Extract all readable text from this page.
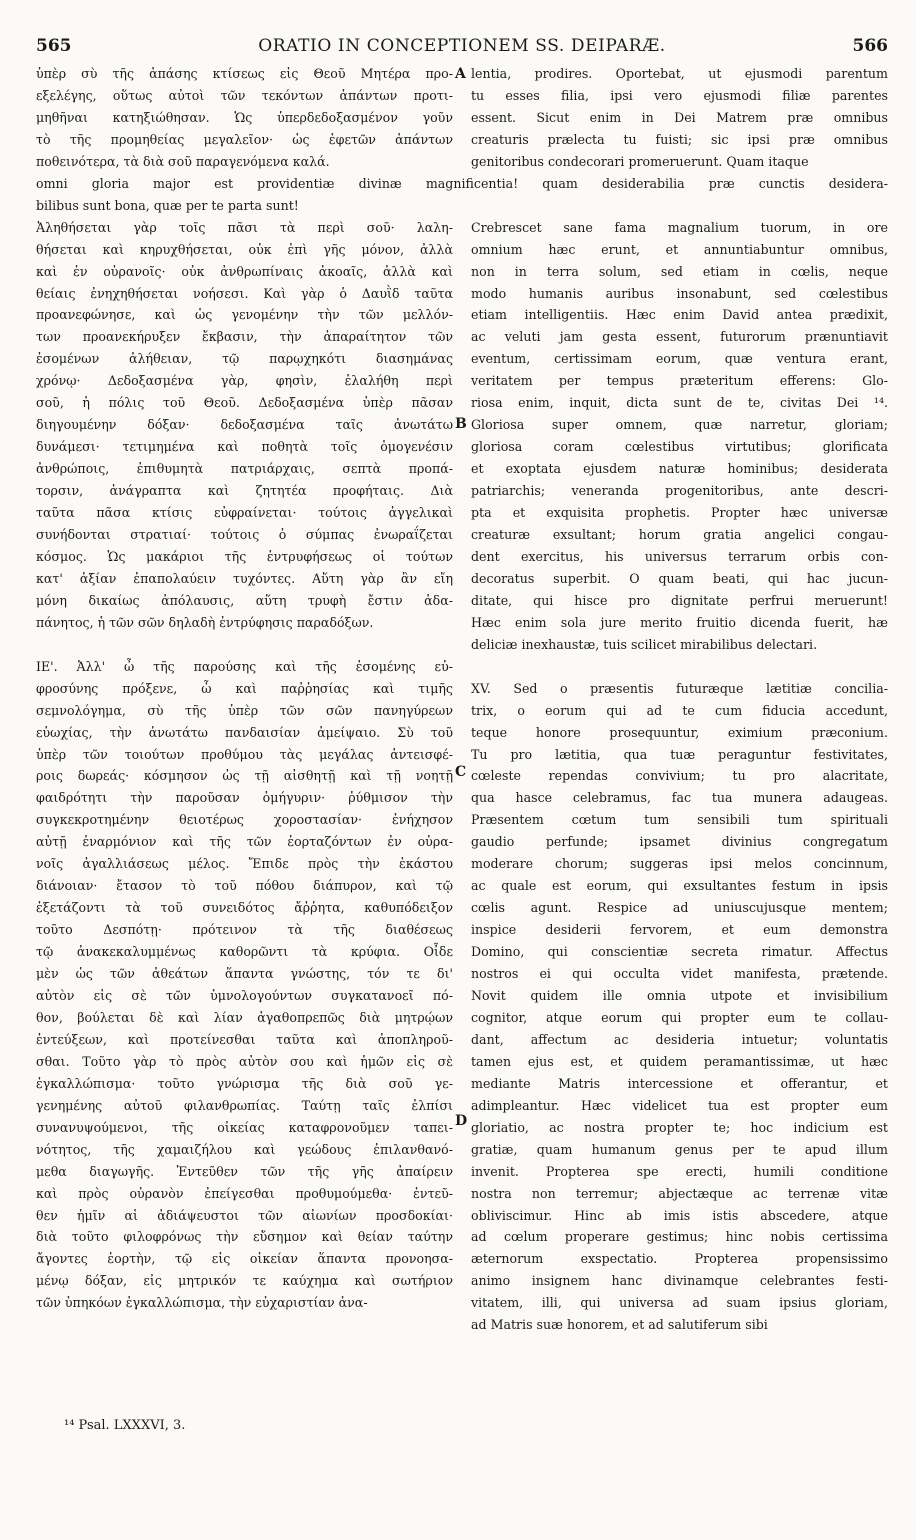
565	ORATIO IN CONCEPTIONEM SS. DEIPARÆ.	566
ὑπὲρ σὺ τῆς ἁπάσης κτίσεως εἰς Θεοῦ Μητέρα προ-
εξελέγης, οὕτως αὐτοὶ τῶν τεκόντων ἁπάντων προτι-
μηθῆναι κατηξιώθησαν. Ὡς ὑπερδεδοξασμένον γοῦν
τὸ τῆς προμηθείας μεγαλεῖον· ὡς ἐφετῶν ἁπάντων
ποθεινότερα, τὰ διὰ σοῦ παραγενόμενα καλά.
Ἀληθήσεται γὰρ τοῖς πᾶσι τὰ περὶ σοῦ· λαλη-
θήσεται καὶ κηρυχθήσεται, οὐκ ἐπὶ γῆς μόνον, ἀλλὰ
καὶ ἐν οὐρανοῖς· οὐκ ἀνθρωπίναις ἀκοαῖς, ἀλλὰ καὶ
θείαις ἐνηχηθήσεται νοήσεσι. Καὶ γὰρ ὁ Δαυῒδ ταῦτα
προανεφώνησε, καὶ ὡς γενομένην τὴν τῶν μελλόν-
των προανεκήρυξεν ἔκβασιν, τὴν ἀπαραίτητον τῶν
ἐσομένων ἀλήθειαν, τῷ παρῳχηκότι διασημάνας
χρόνῳ· Δεδοξασμένα γὰρ, φησὶν, ἐλαλήθη περὶ
σοῦ, ἡ πόλις τοῦ Θεοῦ. Δεδοξασμένα ὑπὲρ πᾶσαν
διηγουμένην δόξαν· δεδοξασμένα ταῖς ἀνωτάτω
δυνάμεσι· τετιμημένα καὶ ποθητὰ τοῖς ὁμογενέσιν
ἀνθρώποις, ἐπιθυμητὰ πατριάρχαις, σεπτὰ προπά-
τορσιν, ἀνάγραπτα καὶ ζητητέα προφήταις. Διὰ
ταῦτα πᾶσα κτίσις εὐφραίνεται· τούτοις ἀγγελικαὶ
συνήδονται στρατιαί· τούτοις ὁ σύμπας ἐνωραΐζεται
κόσμος. Ὡς μακάριοι τῆς ἐντρυφήσεως οἱ τούτων
κατ' ἀξίαν ἐπαπολαύειν τυχόντες. Αὕτη γὰρ ἂν εἴη
μόνη δικαίως ἀπόλαυσις, αὕτη τρυφὴ ἔστιν ἀδα-
πάνητος, ἡ τῶν σῶν δηλαδὴ ἐντρύφησις παραδόξων.
ΙΕ'. Ἀλλ' ὦ τῆς παρούσης καὶ τῆς ἐσομένης εὐ-
φροσύνης πρόξενε, ὦ καὶ παῤῥησίας καὶ τιμῆς
σεμνολόγημα, σὺ τῆς ὑπὲρ τῶν σῶν πανηγύρεων
εὐωχίας, τὴν ἀνωτάτω πανδαισίαν ἀμείψαιο. Σὺ τοῦ
ὑπὲρ τῶν τοιούτων προθύμου τὰς μεγάλας ἀντεισφέ-
ροις δωρεάς· κόσμησον ὡς τῇ αἰσθητῇ καὶ τῇ νοητῇ
φαιδρότητι τὴν παροῦσαν ὁμήγυριν· ῥύθμισον τὴν
συγκεκροτημένην θειοτέρως χοροστασίαν· ἐνήχησον
αὐτῇ ἐναρμόνιον καὶ τῆς τῶν ἑορταζόντων ἐν οὐρα-
νοῖς ἀγαλλιάσεως μέλος. Ἔπιδε πρὸς τὴν ἑκάστου
διάνοιαν· ἔτασον τὸ τοῦ πόθου διάπυρον, καὶ τῷ
ἐξετάζοντι τὰ τοῦ συνειδότος ἄῤῥητα, καθυπόδειξον
τοῦτο Δεσπότῃ· πρότεινον τὰ τῆς διαθέσεως
τῷ ἀνακεκαλυμμένως καθορῶντι τὰ κρύφια. Οἶδε
μὲν ὡς τῶν ἀθεάτων ἅπαντα γνώστης, τόν τε δι'
αὐτὸν εἰς σὲ τῶν ὑμνολογούντων συγκατανοεῖ πό-
θον, βούλεται δὲ καὶ λίαν ἀγαθοπρεπῶς διὰ μητρῴων
ἐντεύξεων, καὶ προτείνεσθαι ταῦτα καὶ ἀποπληροῦ-
σθαι. Τοῦτο γὰρ τὸ πρὸς αὐτὸν σου καὶ ἡμῶν εἰς σὲ
ἐγκαλλώπισμα· τοῦτο γνώρισμα τῆς διὰ σοῦ γε-
γενημένης αὐτοῦ φιλανθρωπίας. Ταύτῃ ταῖς ἐλπίσι
συνανυψούμενοι, τῆς οἰκείας καταφρονοῦμεν ταπει-
νότητος, τῆς χαμαιζήλου καὶ γεώδους ἐπιλανθανό-
μεθα διαγωγῆς. Ἐντεῦθεν τῶν τῆς γῆς ἀπαίρειν
καὶ πρὸς οὐρανὸν ἐπείγεσθαι προθυμούμεθα· ἐντεῦ-
θεν ἡμῖν αἱ ἀδιάψευστοι τῶν αἰωνίων προσδοκίαι·
διὰ τοῦτο φιλοφρόνως τὴν εὔσημον καὶ θείαν ταύτην
ἄγοντες ἑορτὴν, τῷ εἰς οἰκείαν ἅπαντα προνοησα-
μένῳ δόξαν, εἰς μητρικόν τε καύχημα καὶ σωτήριον
τῶν ὑπηκόων ἐγκαλλώπισμα, τὴν εὐχαριστίαν ἀνα-
lentia, prodires. Oportebat, ut ejusmodi parentum
tu esses filia, ipsi vero ejusmodi filiæ parentes
essent. Sicut enim in Dei Matrem præ omnibus
creaturis prælecta tu fuisti; sic ipsi præ omnibus
genitoribus condecorari promeruerunt. Quam itaque
Crebrescet sane fama magnalium tuorum, in ore
omnium hæc erunt, et annuntiabuntur omnibus,
non in terra solum, sed etiam in cœlis, neque
modo humanis auribus insonabunt, sed cœlestibus
etiam intelligentiis. Hæc enim David antea prædixit,
ac veluti jam gesta essent, futurorum prænuntiavit
eventum, certissimam eorum, quæ ventura erant,
veritatem per tempus præteritum efferens: Glo-
riosa enim, inquit, dicta sunt de te, civitas Dei ¹⁴.
Gloriosa super omnem, quæ narretur, gloriam;
gloriosa coram cœlestibus virtutibus; glorificata
et exoptata ejusdem naturæ hominibus; desiderata
patriarchis; veneranda progenitoribus, ante descri-
pta et exquisita prophetis. Propter hæc universæ
creaturæ exsultant; horum gratia angelici congau-
dent exercitus, his universus terrarum orbis con-
decoratus superbit. O quam beati, qui hac jucun-
ditate, qui hisce pro dignitate perfrui meruerunt!
Hæc enim sola jure merito fruitio dicenda fuerit, hæ
deliciæ inexhaustæ, tuis scilicet mirabilibus delectari.
XV. Sed o præsentis futuræque lætitiæ concilia-
trix, o eorum qui ad te cum fiducia accedunt,
teque honore prosequuntur, eximium præconium.
Tu pro lætitia, qua tuæ peraguntur festivitates,
cœleste rependas convivium; tu pro alacritate,
qua hasce celebramus, fac tua munera adaugeas.
Præsentem cœtum tum sensibili tum spirituali
gaudio perfunde; ipsamet divinius congregatum
moderare chorum; suggeras ipsi melos concinnum,
ac quale est eorum, qui exsultantes festum in ipsis
cœlis agunt. Respice ad uniuscujusque mentem;
inspice desiderii fervorem, et eum demonstra
Domino, qui conscientiæ secreta rimatur. Affectus
nostros ei qui occulta videt manifesta, prætende.
Novit quidem ille omnia utpote et invisibilium
cognitor, atque eorum qui propter eum te collau-
dant, affectum ac desideria intuetur; voluntatis
tamen ejus est, et quidem peramantissimæ, ut hæc
mediante Matris intercessione et offerantur, et
adimpleantur. Hæc videlicet tua est propter eum
gloriatio, ac nostra propter te; hoc indicium est
gratiæ, quam humanum genus per te apud illum
invenit. Propterea spe erecti, humili conditione
nostra non terremur; abjectæque ac terrenæ vitæ
obliviscimur. Hinc ab imis istis abscedere, atque
ad cœlum properare gestimus; hinc nobis certissima
æternorum exspectatio. Propterea propensissimo
animo insignem hanc divinamque celebrantes festi-
vitatem, illi, qui universa ad suam ipsius gloriam,
ad Matris suæ honorem, et ad salutiferum sibi
omni gloria major est providentiæ divinæ magnificentia! quam desiderabilia præ cunctis desidera-
bilibus sunt bona, quæ per te parta sunt!
A
B
C
D
¹⁴ Psal. LXXXVI, 3.
